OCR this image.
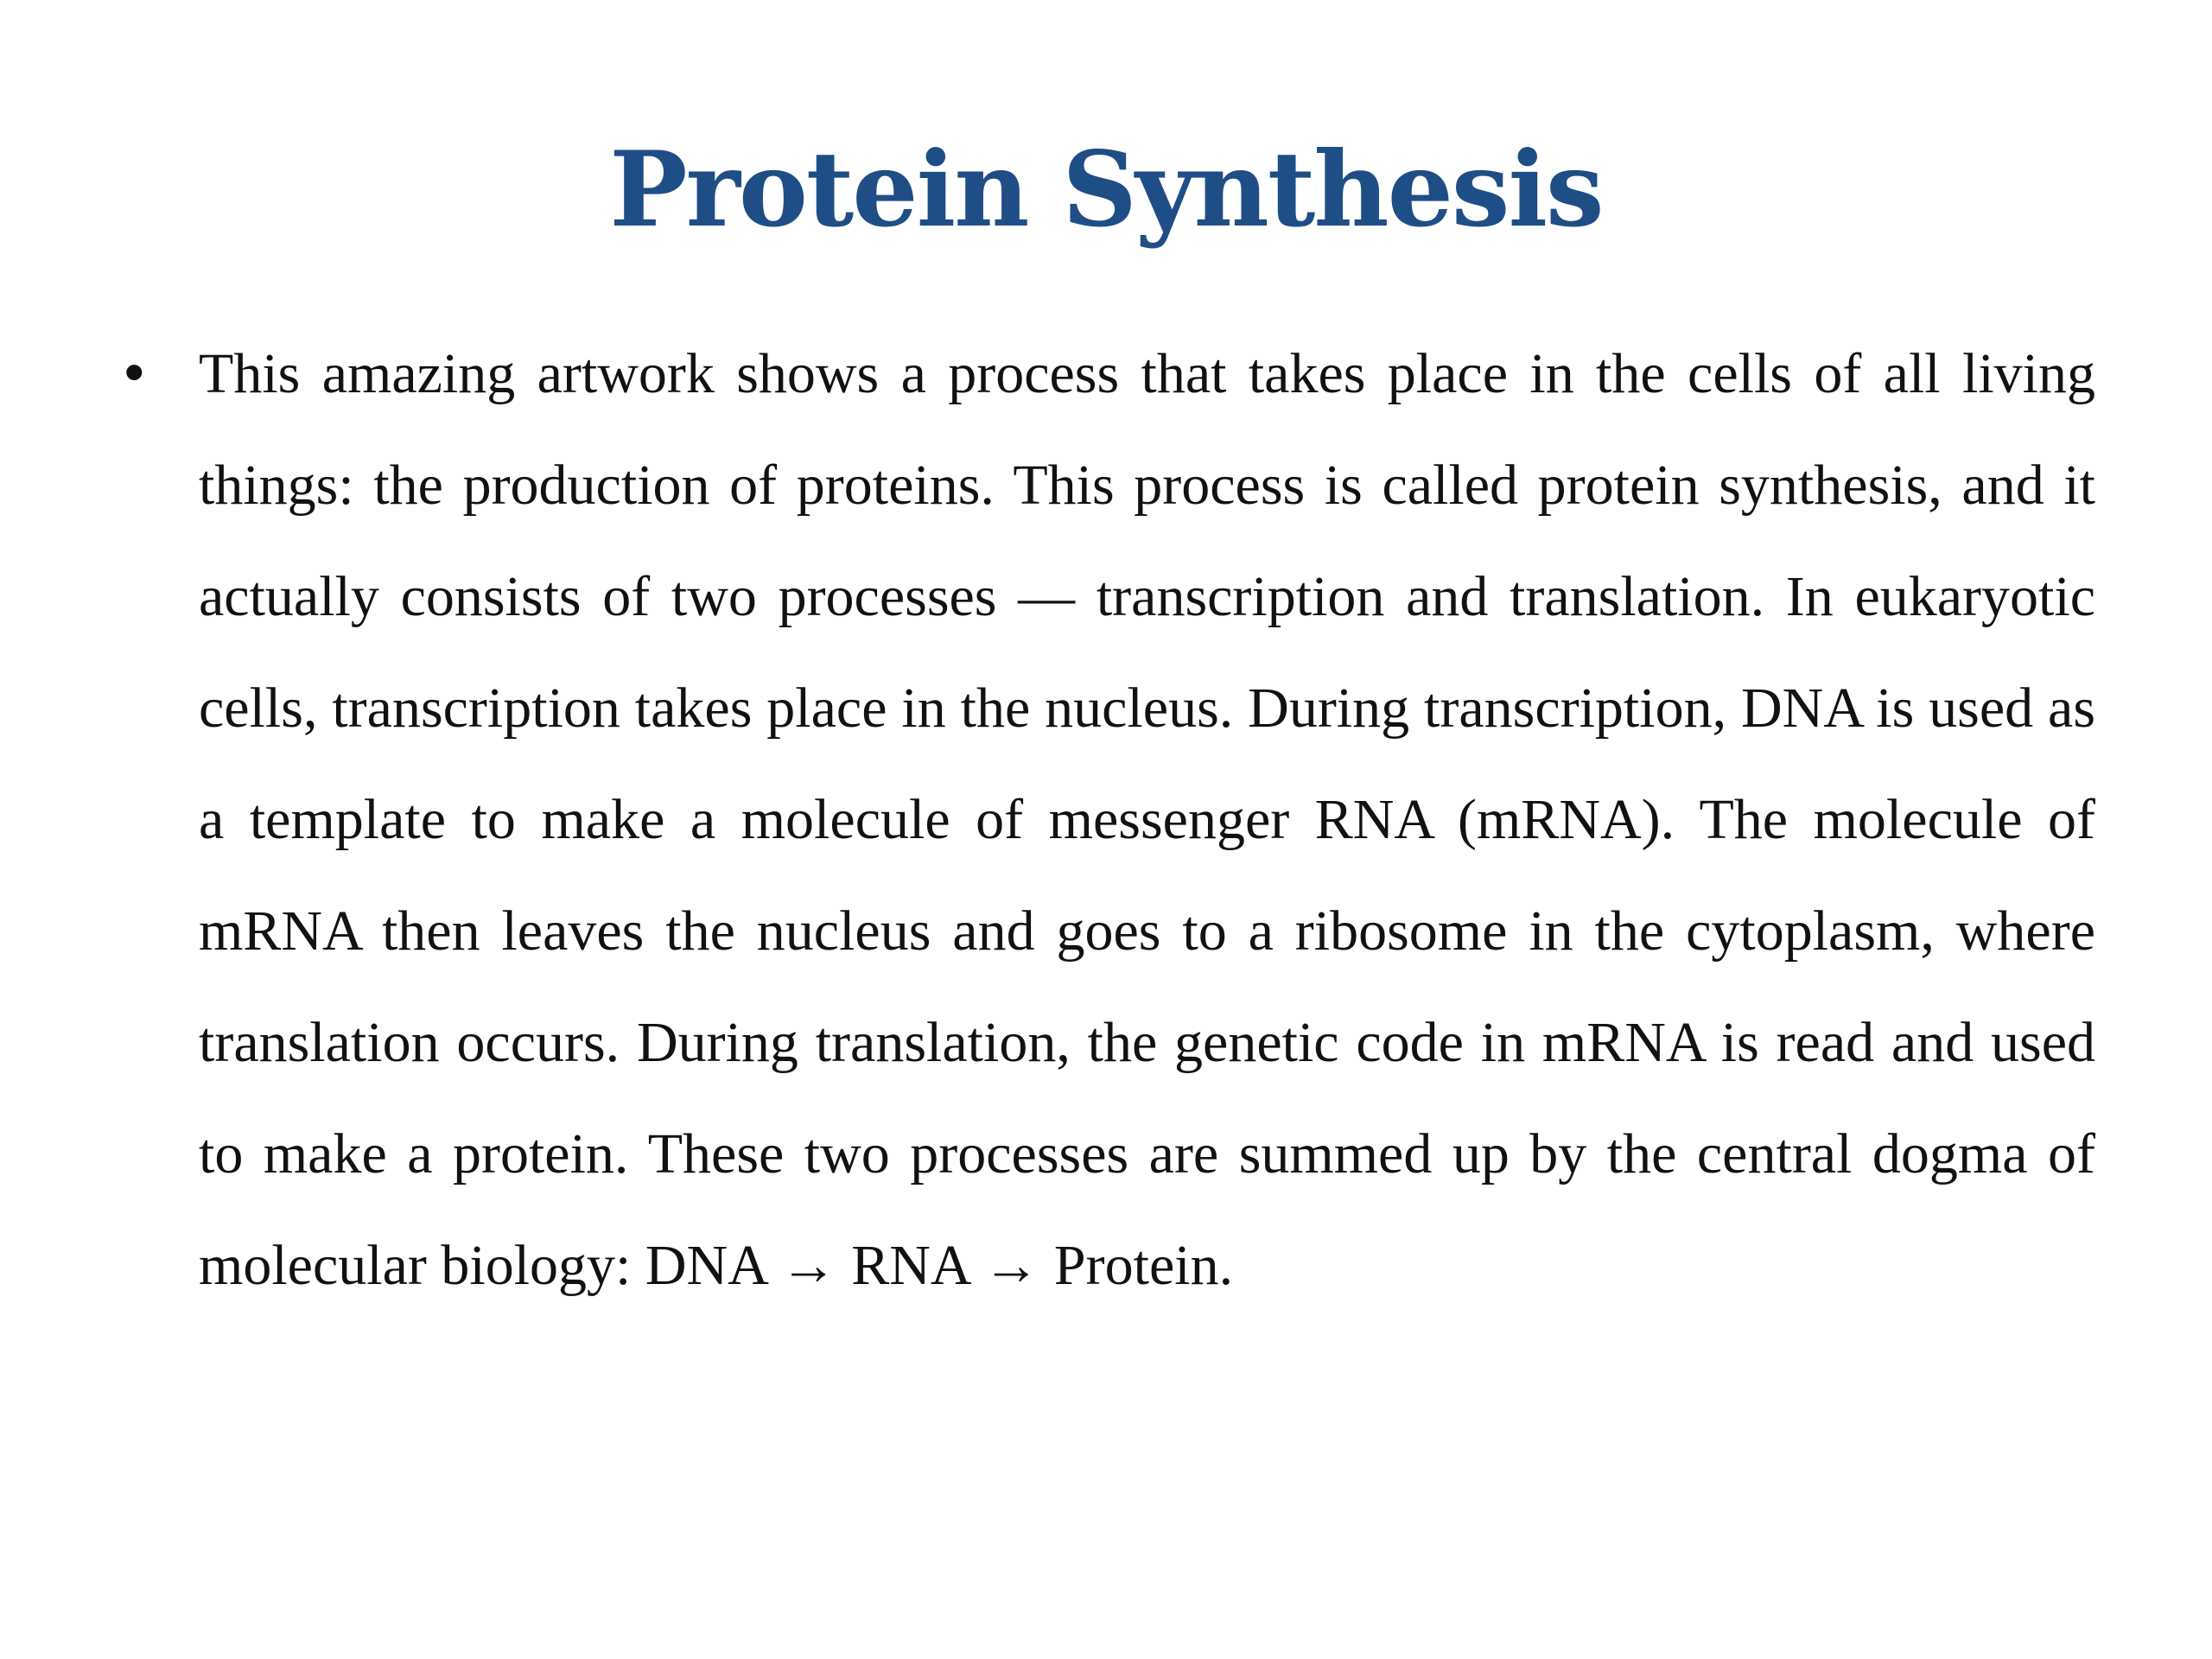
Protein Synthesis
• This amazing artwork shows a process that takes place in the cells of all living things: the production of proteins. This process is called protein synthesis, and it actually consists of two processes — transcription and translation. In eukaryotic cells, transcription takes place in the nucleus. During transcription, DNA is used as a template to make a molecule of messenger RNA (mRNA). The molecule of mRNA then leaves the nucleus and goes to a ribosome in the cytoplasm, where translation occurs. During translation, the genetic code in mRNA is read and used to make a protein. These two processes are summed up by the central dogma of molecular biology: DNA → RNA → Protein.
